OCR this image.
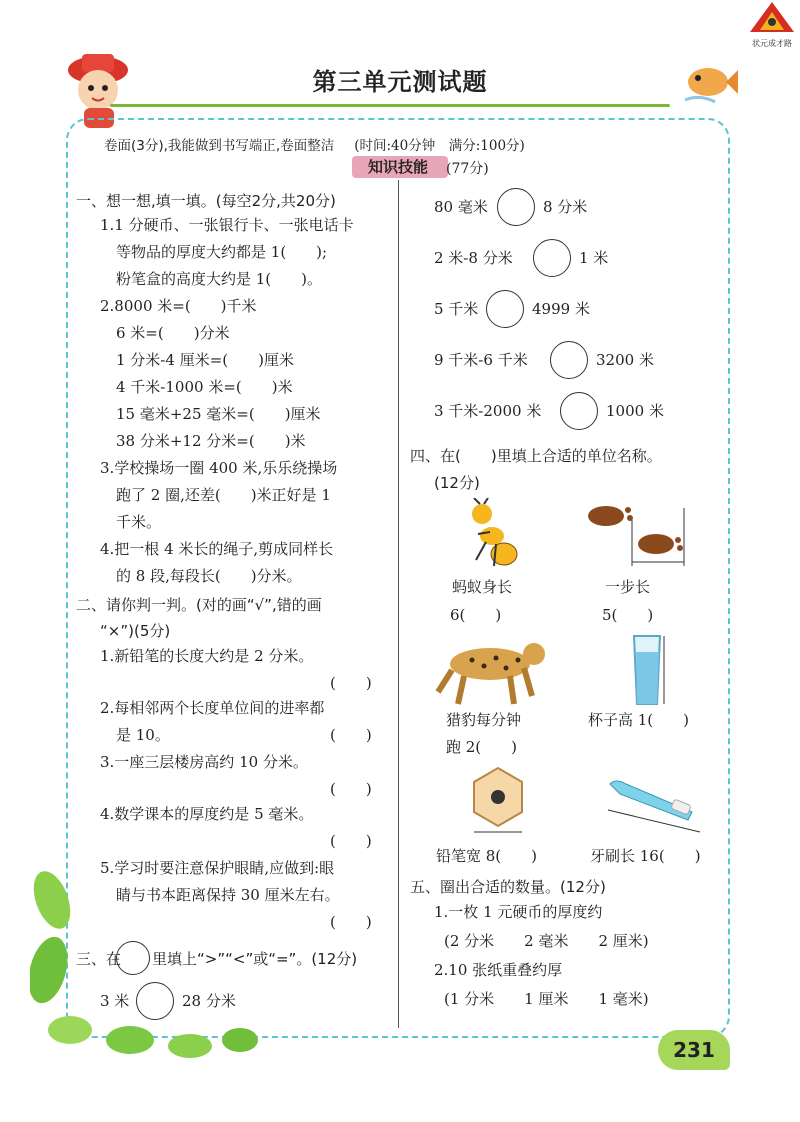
状元成才路
第三单元测试题
卷面(3分),我能做到书写端正,卷面整洁 (时间:40分钟　满分:100分)
知识技能	(77分)
一、想一想,填一填。(每空2分,共20分)
1.1 分硬币、一张银行卡、一张电话卡
等物品的厚度大约都是 1(　　);
粉笔盒的高度大约是 1(　　)。
2.8000 米=(　　)千米
6 米=(　　)分米
1 分米-4 厘米=(　　)厘米
4 千米-1000 米=(　　)米
15 毫米+25 毫米=(　　)厘米
38 分米+12 分米=(　　)米
3.学校操场一圈 400 米,乐乐绕操场
跑了 2 圈,还差(　　)米正好是 1
千米。
4.把一根 4 米长的绳子,剪成同样长
的 8 段,每段长(　　)分米。
二、请你判一判。(对的画“√”,错的画
“×”)(5分)
1.新铅笔的长度大约是 2 分米。
(　　)
2.每相邻两个长度单位间的进率都
是 10。	(　　)
3.一座三层楼房高约 10 分米。
(　　)
4.数学课本的厚度约是 5 毫米。
(　　)
5.学习时要注意保护眼睛,应做到:眼
睛与书本距离保持 30 厘米左右。
(　　)
三、在 里填上“>”“<”或“=”。(12分)
3 米	28 分米
80 毫米	8 分米
2 米-8 分米	1 米
5 千米	4999 米
9 千米-6 千米	3200 米
3 千米-2000 米	1000 米
四、在(　　)里填上合适的单位名称。
(12分)
蚂蚁身长
6(　　)
一步长
5(　　)
猎豹每分钟
跑 2(　　)
杯子高 1(　　)
铅笔宽 8(　　)	牙刷长 16(　　)
五、圈出合适的数量。(12分)
1.一枚 1 元硬币的厚度约
(2 分米　　2 毫米　　2 厘米)
2.10 张纸重叠约厚
(1 分米　　1 厘米　　1 毫米)
231
